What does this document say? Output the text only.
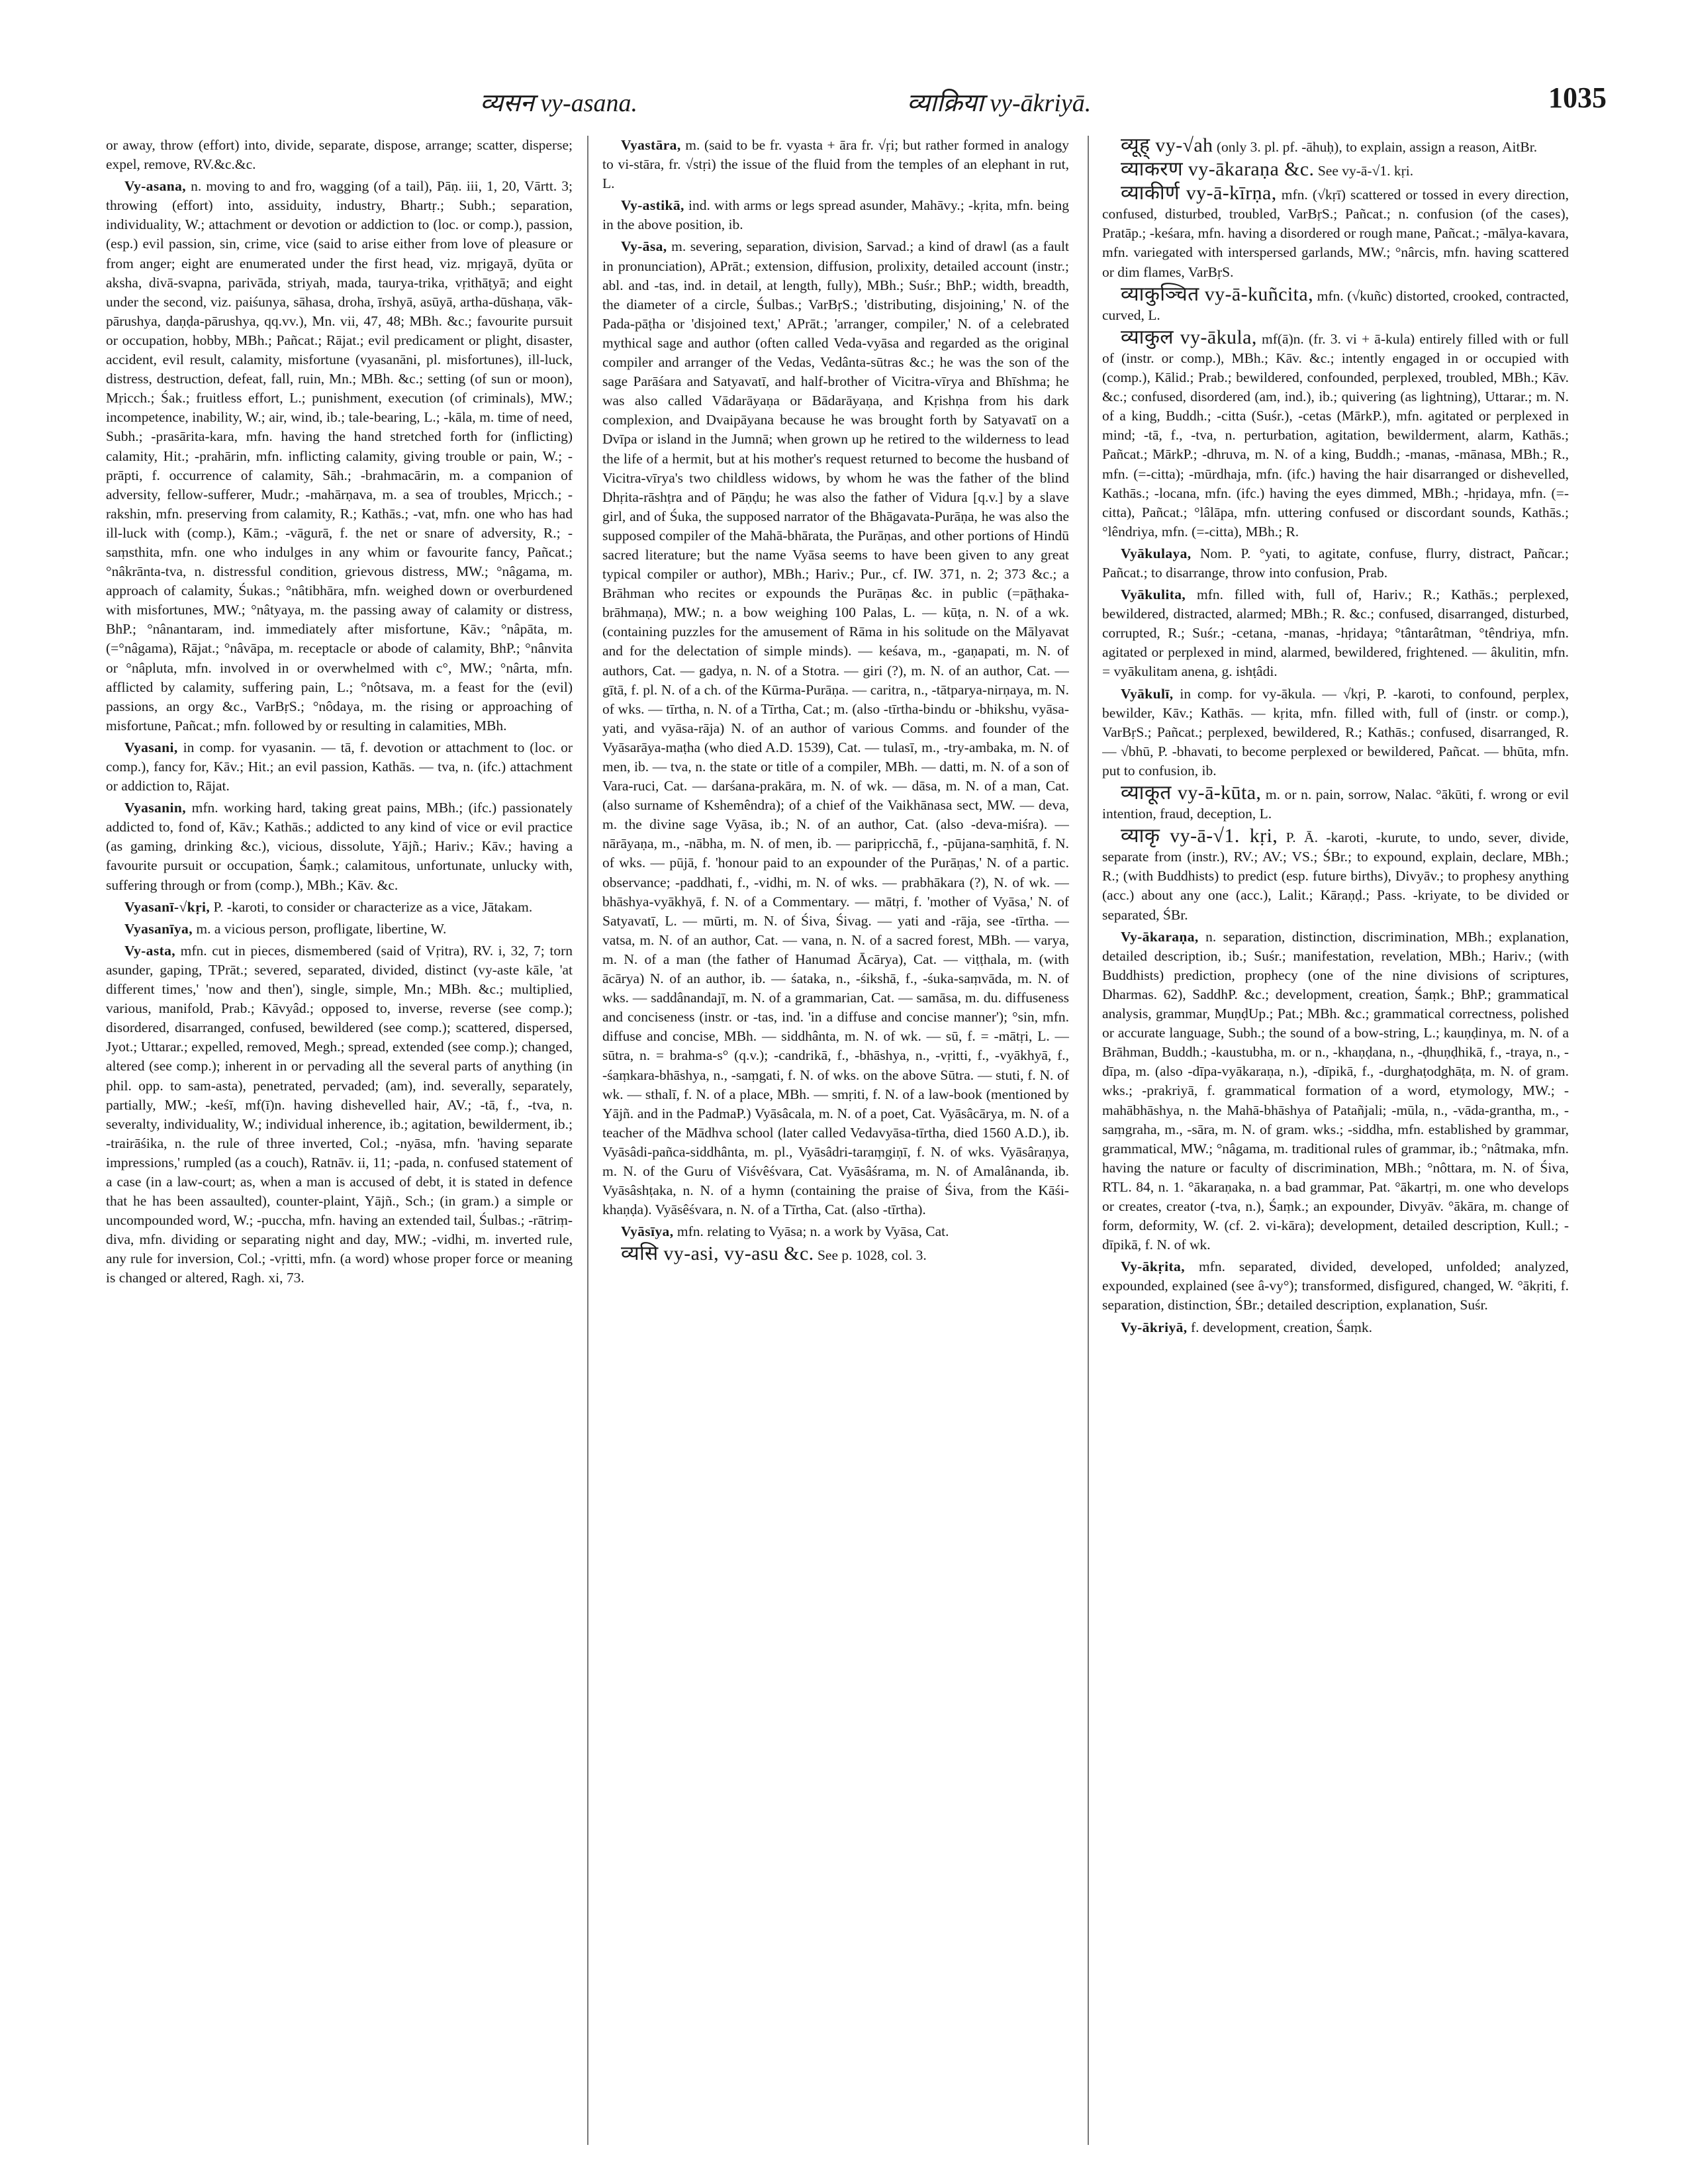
व्यसन vy-asana.	व्याक्रिया vy-ākriyā.	1035

or away, throw (effort) into, divide, separate, dispose, arrange; scatter, disperse; expel, remove, RV.&c.&c.

Vy-asana, n. moving to and fro, wagging (of a tail), Pāṇ. iii, 1, 20, Vārtt. 3; throwing (effort) into, assiduity, industry, Bhartṛ.; Subh.; separation, individuality, W.; attachment or devotion or addiction to (loc. or comp.), passion, (esp.) evil passion, sin, crime, vice (said to arise either from love of pleasure or from anger; eight are enumerated under the first head, viz. mṛigayā, dyūta or aksha, divā-svapna, parivāda, striyah, mada, taurya-trika, vṛithāṭyā; and eight under the second, viz. paiśunya, sāhasa, droha, īrshyā, asūyā, artha-dūshaṇa, vāk-pārushya, daṇḍa-pārushya, qq.vv.), Mn. vii, 47, 48; MBh. &c.; favourite pursuit or occupation, hobby, MBh.; Pañcat.; Rājat.; evil predicament or plight, disaster, accident, evil result, calamity, misfortune (vyasanāni, pl. misfortunes), ill-luck, distress, destruction, defeat, fall, ruin, Mn.; MBh. &c.; setting (of sun or moon), Mṛicch.; Śak.; fruitless effort, L.; punishment, execution (of criminals), MW.; incompetence, inability, W.; air, wind, ib.; tale-bearing, L.; -kāla, m. time of need, Subh.; -prasārita-kara, mfn. having the hand stretched forth for (inflicting) calamity, Hit.; -prahārin, mfn. inflicting calamity, giving trouble or pain, W.; -prāpti, f. occurrence of calamity, Sāh.; -brahmacārin, m. a companion of adversity, fellow-sufferer, Mudr.; -mahārṇava, m. a sea of troubles, Mṛicch.; -rakshin, mfn. preserving from calamity, R.; Kathās.; -vat, mfn. one who has had ill-luck with (comp.), Kām.; -vāgurā, f. the net or snare of adversity, R.; -saṃsthita, mfn. one who indulges in any whim or favourite fancy, Pañcat.; °nâkrānta-tva, n. distressful condition, grievous distress, MW.; °nâgama, m. approach of calamity, Śukas.; °nâtibhāra, mfn. weighed down or overburdened with misfortunes, MW.; °nâtyaya, m. the passing away of calamity or distress, BhP.; °nânantaram, ind. immediately after misfortune, Kāv.; °nâpāta, m. (=°nâgama), Rājat.; °nâvāpa, m. receptacle or abode of calamity, BhP.; °nânvita or °nâpluta, mfn. involved in or overwhelmed with c°, MW.; °nârta, mfn. afflicted by calamity, suffering pain, L.; °nôtsava, m. a feast for the (evil) passions, an orgy &c., VarBṛS.; °nôdaya, m. the rising or approaching of misfortune, Pañcat.; mfn. followed by or resulting in calamities, MBh.

Vyasani, in comp. for vyasanin. — tā, f. devotion or attachment to (loc. or comp.), fancy for, Kāv.; Hit.; an evil passion, Kathās. — tva, n. (ifc.) attachment or addiction to, Rājat.

Vyasanin, mfn. working hard, taking great pains, MBh.; (ifc.) passionately addicted to, fond of, Kāv.; Kathās.; addicted to any kind of vice or evil practice (as gaming, drinking &c.), vicious, dissolute, Yājñ.; Hariv.; Kāv.; having a favourite pursuit or occupation, Śaṃk.; calamitous, unfortunate, unlucky with, suffering through or from (comp.), MBh.; Kāv. &c.

Vyasanī-√kṛi, P. -karoti, to consider or characterize as a vice, Jātakam.

Vyasanīya, m. a vicious person, profligate, libertine, W.

Vy-asta, mfn. cut in pieces, dismembered (said of Vṛitra), RV. i, 32, 7; torn asunder, gaping, TPrāt.; severed, separated, divided, distinct (vy-aste kāle, 'at different times,' 'now and then'), single, simple, Mn.; MBh. &c.; multiplied, various, manifold, Prab.; Kāvyâd.; opposed to, inverse, reverse (see comp.); disordered, disarranged, confused, bewildered (see comp.); scattered, dispersed, Jyot.; Uttarar.; expelled, removed, Megh.; spread, extended (see comp.); changed, altered (see comp.); inherent in or pervading all the several parts of anything (in phil. opp. to sam-asta), penetrated, pervaded; (am), ind. severally, separately, partially, MW.; -keśī, mf(ī)n. having dishevelled hair, AV.; -tā, f., -tva, n. severalty, individuality, W.; individual inherence, ib.; agitation, bewilderment, ib.; -trairāśika, n. the rule of three inverted, Col.; -nyāsa, mfn. 'having separate impressions,' rumpled (as a couch), Ratnāv. ii, 11; -pada, n. confused statement of a case (in a law-court; as, when a man is accused of debt, it is stated in defence that he has been assaulted), counter-plaint, Yājñ., Sch.; (in gram.) a simple or uncompounded word, W.; -puccha, mfn. having an extended tail, Śulbas.; -rātriṃ-diva, mfn. dividing or separating night and day, MW.; -vidhi, m. inverted rule, any rule for inversion, Col.; -vṛitti, mfn. (a word) whose proper force or meaning is changed or altered, Ragh. xi, 73.

Vyastāra, m. (said to be fr. vyasta + āra fr. √ṛi; but rather formed in analogy to vi-stāra, fr. √stṛi) the issue of the fluid from the temples of an elephant in rut, L.

Vy-astikā, ind. with arms or legs spread asunder, Mahāvy.; -kṛita, mfn. being in the above position, ib.

Vy-āsa, m. severing, separation, division, Sarvad.; a kind of drawl (as a fault in pronunciation), APrāt.; extension, diffusion, prolixity, detailed account (instr.; abl. and -tas, ind. in detail, at length, fully), MBh.; Suśr.; BhP.; width, breadth, the diameter of a circle, Śulbas.; VarBṛS.; 'distributing, disjoining,' N. of the Pada-pāṭha or 'disjoined text,' APrāt.; 'arranger, compiler,' N. of a celebrated mythical sage and author (often called Veda-vyāsa and regarded as the original compiler and arranger of the Vedas, Vedânta-sūtras &c.; he was the son of the sage Parāśara and Satyavatī, and half-brother of Vicitra-vīrya and Bhīshma; he was also called Vādarāyaṇa or Bādarāyaṇa, and Kṛishṇa from his dark complexion, and Dvaipāyana because he was brought forth by Satyavatī on a Dvīpa or island in the Jumnā; when grown up he retired to the wilderness to lead the life of a hermit, but at his mother's request returned to become the husband of Vicitra-vīrya's two childless widows, by whom he was the father of the blind Dhṛita-rāshṭra and of Pāṇḍu; he was also the father of Vidura [q.v.] by a slave girl, and of Śuka, the supposed narrator of the Bhāgavata-Purāṇa, he was also the supposed compiler of the Mahā-bhārata, the Purāṇas, and other portions of Hindū sacred literature; but the name Vyāsa seems to have been given to any great typical compiler or author), MBh.; Hariv.; Pur., cf. IW. 371, n. 2; 373 &c.; a Brāhman who recites or expounds the Purāṇas &c. in public (=pāṭhaka-brāhmaṇa), MW.; n. a bow weighing 100 Palas, L. — kūṭa, n. N. of a wk. (containing puzzles for the amusement of Rāma in his solitude on the Mālyavat and for the delectation of simple minds). — keśava, m., -gaṇapati, m. N. of authors, Cat. — gadya, n. N. of a Stotra. — giri (?), m. N. of an author, Cat. — gītā, f. pl. N. of a ch. of the Kūrma-Purāṇa. — caritra, n., -tātparya-nirṇaya, m. N. of wks. — tīrtha, n. N. of a Tīrtha, Cat.; m. (also -tīrtha-bindu or -bhikshu, vyāsa-yati, and vyāsa-rāja) N. of an author of various Comms. and founder of the Vyāsarāya-maṭha (who died A.D. 1539), Cat. — tulasī, m., -try-ambaka, m. N. of men, ib. — tva, n. the state or title of a compiler, MBh. — datti, m. N. of a son of Vara-ruci, Cat. — darśana-prakāra, m. N. of wk. — dāsa, m. N. of a man, Cat. (also surname of Kshemêndra); of a chief of the Vaikhānasa sect, MW. — deva, m. the divine sage Vyāsa, ib.; N. of an author, Cat. (also -deva-miśra). — nārāyaṇa, m., -nābha, m. N. of men, ib. — paripṛicchā, f., -pūjana-saṃhitā, f. N. of wks. — pūjā, f. 'honour paid to an expounder of the Purāṇas,' N. of a partic. observance; -paddhati, f., -vidhi, m. N. of wks. — prabhākara (?), N. of wk. — bhāshya-vyākhyā, f. N. of a Commentary. — mātṛi, f. 'mother of Vyāsa,' N. of Satyavatī, L. — mūrti, m. N. of Śiva, Śivag. — yati and -rāja, see -tīrtha. — vatsa, m. N. of an author, Cat. — vana, n. N. of a sacred forest, MBh. — varya, m. N. of a man (the father of Hanumad Ācārya), Cat. — viṭṭhala, m. (with ācārya) N. of an author, ib. — śataka, n., -śikshā, f., -śuka-saṃvāda, m. N. of wks. — saddânandajī, m. N. of a grammarian, Cat. — samāsa, m. du. diffuseness and conciseness (instr. or -tas, ind. 'in a diffuse and concise manner'); °sin, mfn. diffuse and concise, MBh. — siddhânta, m. N. of wk. — sū, f. = -mātṛi, L. — sūtra, n. = brahma-s° (q.v.); -candrikā, f., -bhāshya, n., -vṛitti, f., -vyākhyā, f., -śaṃkara-bhāshya, n., -saṃgati, f. N. of wks. on the above Sūtra. — stuti, f. N. of wk. — sthalī, f. N. of a place, MBh. — smṛiti, f. N. of a law-book (mentioned by Yājñ. and in the PadmaP.) Vyāsâcala, m. N. of a poet, Cat. Vyāsâcārya, m. N. of a teacher of the Mādhva school (later called Vedavyāsa-tīrtha, died 1560 A.D.), ib. Vyāsâdi-pañca-siddhânta, m. pl., Vyāsâdri-taraṃgiṇī, f. N. of wks. Vyāsâraṇya, m. N. of the Guru of Viśvêśvara, Cat. Vyāsâśrama, m. N. of Amalânanda, ib. Vyāsâshṭaka, n. N. of a hymn (containing the praise of Śiva, from the Kāśi-khaṇḍa). Vyāsêśvara, n. N. of a Tīrtha, Cat. (also -tīrtha).

Vyāsīya, mfn. relating to Vyāsa; n. a work by Vyāsa, Cat.

व्यसि vy-asi, vy-asu &c. See p. 1028, col. 3.

व्यूह् vy-√ah (only 3. pl. pf. -āhuḥ), to explain, assign a reason, AitBr.

व्याकरण vy-ākaraṇa &c. See vy-ā-√1. kṛi.

व्याकीर्ण vy-ā-kīrṇa, mfn. (√kṛī) scattered or tossed in every direction, confused, disturbed, troubled, VarBṛS.; Pañcat.; n. confusion (of the cases), Pratāp.; -keśara, mfn. having a disordered or rough mane, Pañcat.; -mālya-kavara, mfn. variegated with interspersed garlands, MW.; °nârcis, mfn. having scattered or dim flames, VarBṛS.

व्याकुञ्चित vy-ā-kuñcita, mfn. (√kuñc) distorted, crooked, contracted, curved, L.

व्याकुल vy-ākula, mf(ā)n. (fr. 3. vi + ā-kula) entirely filled with or full of (instr. or comp.), MBh.; Kāv. &c.; intently engaged in or occupied with (comp.), Kālid.; Prab.; bewildered, confounded, perplexed, troubled, MBh.; Kāv. &c.; confused, disordered (am, ind.), ib.; quivering (as lightning), Uttarar.; m. N. of a king, Buddh.; -citta (Suśr.), -cetas (MārkP.), mfn. agitated or perplexed in mind; -tā, f., -tva, n. perturbation, agitation, bewilderment, alarm, Kathās.; Pañcat.; MārkP.; -dhruva, m. N. of a king, Buddh.; -manas, -mānasa, MBh.; R., mfn. (=-citta); -mūrdhaja, mfn. (ifc.) having the hair disarranged or dishevelled, Kathās.; -locana, mfn. (ifc.) having the eyes dimmed, MBh.; -hṛidaya, mfn. (=-citta), Pañcat.; °lâlāpa, mfn. uttering confused or discordant sounds, Kathās.; °lêndriya, mfn. (=-citta), MBh.; R.

Vyākulaya, Nom. P. °yati, to agitate, confuse, flurry, distract, Pañcar.; Pañcat.; to disarrange, throw into confusion, Prab.

Vyākulita, mfn. filled with, full of, Hariv.; R.; Kathās.; perplexed, bewildered, distracted, alarmed; MBh.; R. &c.; confused, disarranged, disturbed, corrupted, R.; Suśr.; -cetana, -manas, -hṛidaya; °tântarâtman, °têndriya, mfn. agitated or perplexed in mind, alarmed, bewildered, frightened. — âkulitin, mfn. = vyākulitam anena, g. ishṭâdi.

Vyākulī, in comp. for vy-ākula. — √kṛi, P. -karoti, to confound, perplex, bewilder, Kāv.; Kathās. — kṛita, mfn. filled with, full of (instr. or comp.), VarBṛS.; Pañcat.; perplexed, bewildered, R.; Kathās.; confused, disarranged, R. — √bhū, P. -bhavati, to become perplexed or bewildered, Pañcat. — bhūta, mfn. put to confusion, ib.

व्याकूत vy-ā-kūta, m. or n. pain, sorrow, Nalac. °ākūti, f. wrong or evil intention, fraud, deception, L.

व्याकृ vy-ā-√1. kṛi, P. Ā. -karoti, -kurute, to undo, sever, divide, separate from (instr.), RV.; AV.; VS.; ŚBr.; to expound, explain, declare, MBh.; R.; (with Buddhists) to predict (esp. future births), Divyāv.; to prophesy anything (acc.) about any one (acc.), Lalit.; Kāraṇḍ.; Pass. -kriyate, to be divided or separated, ŚBr.

Vy-ākaraṇa, n. separation, distinction, discrimination, MBh.; explanation, detailed description, ib.; Suśr.; manifestation, revelation, MBh.; Hariv.; (with Buddhists) prediction, prophecy (one of the nine divisions of scriptures, Dharmas. 62), SaddhP. &c.; development, creation, Śaṃk.; BhP.; grammatical analysis, grammar, MuṇḍUp.; Pat.; MBh. &c.; grammatical correctness, polished or accurate language, Subh.; the sound of a bow-string, L.; kauṇḍinya, m. N. of a Brāhman, Buddh.; -kaustubha, m. or n., -khaṇḍana, n., -ḍhuṇḍhikā, f., -traya, n., -dīpa, m. (also -dīpa-vyākaraṇa, n.), -dīpikā, f., -durghaṭodghāṭa, m. N. of gram. wks.; -prakriyā, f. grammatical formation of a word, etymology, MW.; -mahābhāshya, n. the Mahā-bhāshya of Patañjali; -mūla, n., -vāda-grantha, m., -saṃgraha, m., -sāra, m. N. of gram. wks.; -siddha, mfn. established by grammar, grammatical, MW.; °nâgama, m. traditional rules of grammar, ib.; °nâtmaka, mfn. having the nature or faculty of discrimination, MBh.; °nôttara, m. N. of Śiva, RTL. 84, n. 1. °ākaraṇaka, n. a bad grammar, Pat. °ākartṛi, m. one who develops or creates, creator (-tva, n.), Śaṃk.; an expounder, Divyāv. °ākāra, m. change of form, deformity, W. (cf. 2. vi-kāra); development, detailed description, Kull.; -dīpikā, f. N. of wk.

Vy-ākṛita, mfn. separated, divided, developed, unfolded; analyzed, expounded, explained (see â-vy°); transformed, disfigured, changed, W. °ākṛiti, f. separation, distinction, ŚBr.; detailed description, explanation, Suśr.

Vy-ākriyā, f. development, creation, Śaṃk.
